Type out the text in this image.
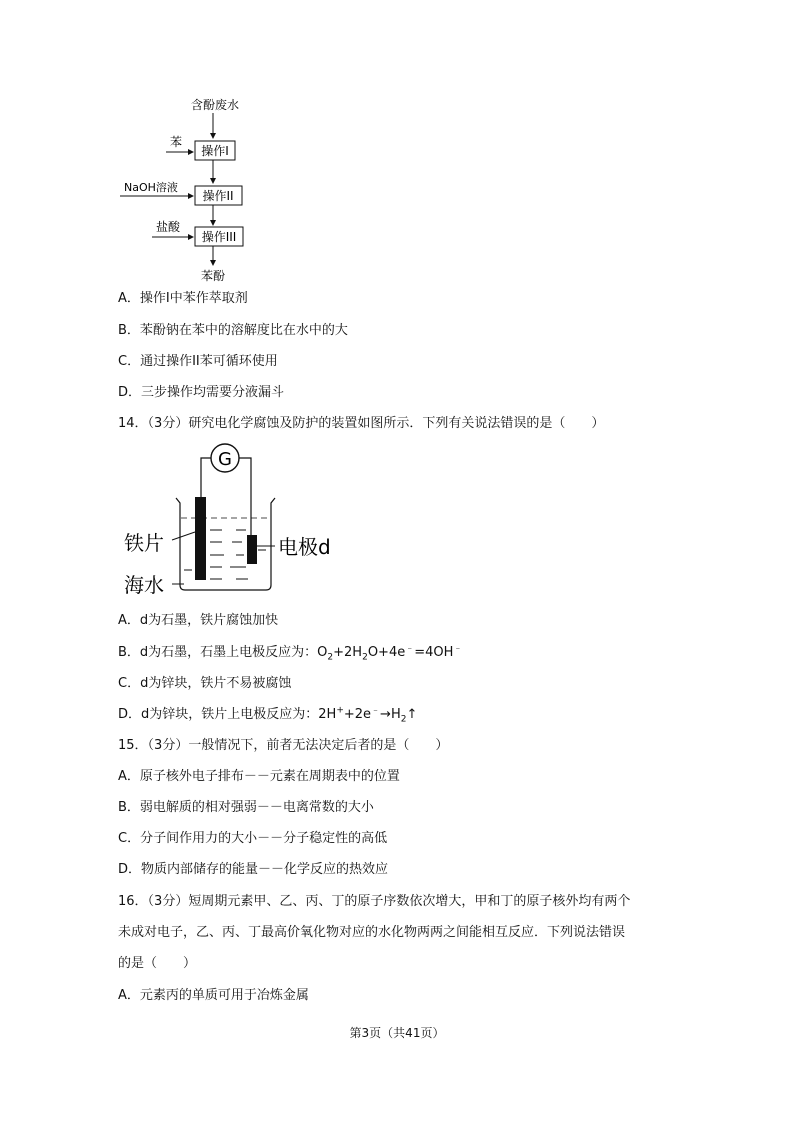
含酚废水
苯
操作I
NaOH溶液
操作II
盐酸
操作III
苯酚
A．操作I中苯作萃取剂
B．苯酚钠在苯中的溶解度比在水中的大
C．通过操作II苯可循环使用
D．三步操作均需要分液漏斗
14．（3分）研究电化学腐蚀及防护的装置如图所示．下列有关说法错误的是（　　）
G
铁片	电极d
海水
A．d为石墨，铁片腐蚀加快
B．d为石墨，石墨上电极反应为：$O_2+2H_2O+4e^﹣=4OH^﹣$
C．d为锌块，铁片不易被腐蚀
D．d为锌块，铁片上电极反应为：$2H^++2e^﹣\to H_2↑$
15．（3分）一般情况下，前者无法决定后者的是（　　）
A．原子核外电子排布－－元素在周期表中的位置
B．弱电解质的相对强弱－－电离常数的大小
C．分子间作用力的大小－－分子稳定性的高低
D．物质内部储存的能量－－化学反应的热效应
16．（3分）短周期元素甲、乙、丙、丁的原子序数依次增大，甲和丁的原子核外均有两个
未成对电子，乙、丙、丁最高价氧化物对应的水化物两两之间能相互反应．下列说法错误
的是（　　）
A．元素丙的单质可用于冶炼金属
第3页（共41页）
